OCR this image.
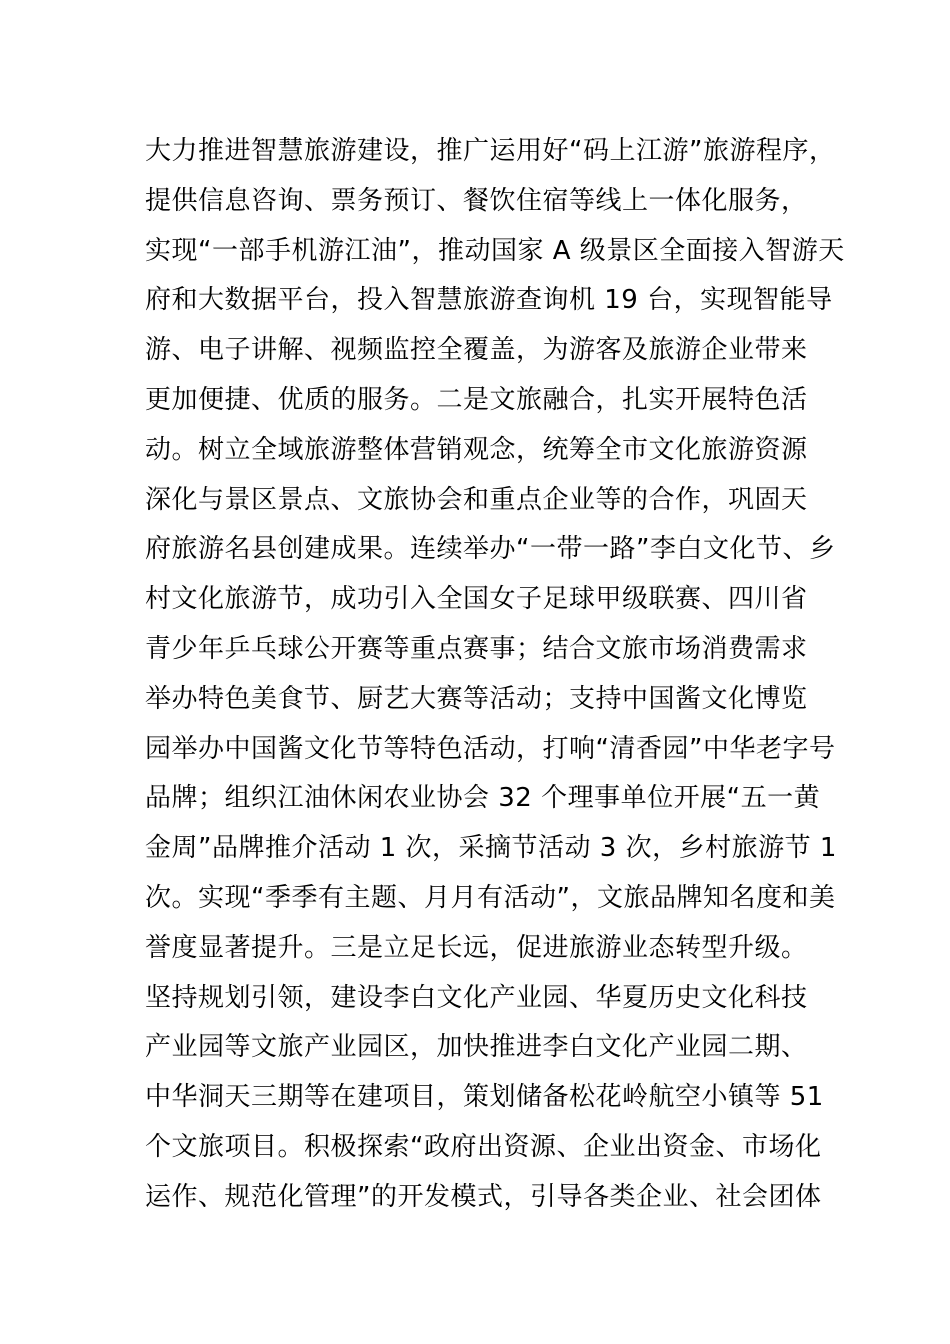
大力推进智慧旅游建设，推广运用好“码上江游”旅游程序，
提供信息咨询、票务预订、餐饮住宿等线上一体化服务，
实现“一部手机游江油”，推动国家 A 级景区全面接入智游天
府和大数据平台，投入智慧旅游查询机 19 台，实现智能导
游、电子讲解、视频监控全覆盖，为游客及旅游企业带来
更加便捷、优质的服务。二是文旅融合，扎实开展特色活
动。树立全域旅游整体营销观念，统筹全市文化旅游资源
深化与景区景点、文旅协会和重点企业等的合作，巩固天
府旅游名县创建成果。连续举办“一带一路”李白文化节、乡
村文化旅游节，成功引入全国女子足球甲级联赛、四川省
青少年乒乓球公开赛等重点赛事；结合文旅市场消费需求
举办特色美食节、厨艺大赛等活动；支持中国酱文化博览
园举办中国酱文化节等特色活动，打响“清香园”中华老字号
品牌；组织江油休闲农业协会 32 个理事单位开展“五一黄
金周”品牌推介活动 1 次，采摘节活动 3 次，乡村旅游节 1
次。实现“季季有主题、月月有活动”，文旅品牌知名度和美
誉度显著提升。三是立足长远，促进旅游业态转型升级。
坚持规划引领，建设李白文化产业园、华夏历史文化科技
产业园等文旅产业园区，加快推进李白文化产业园二期、
中华洞天三期等在建项目，策划储备松花岭航空小镇等 51
个文旅项目。积极探索“政府出资源、企业出资金、市场化
运作、规范化管理”的开发模式，引导各类企业、社会团体
